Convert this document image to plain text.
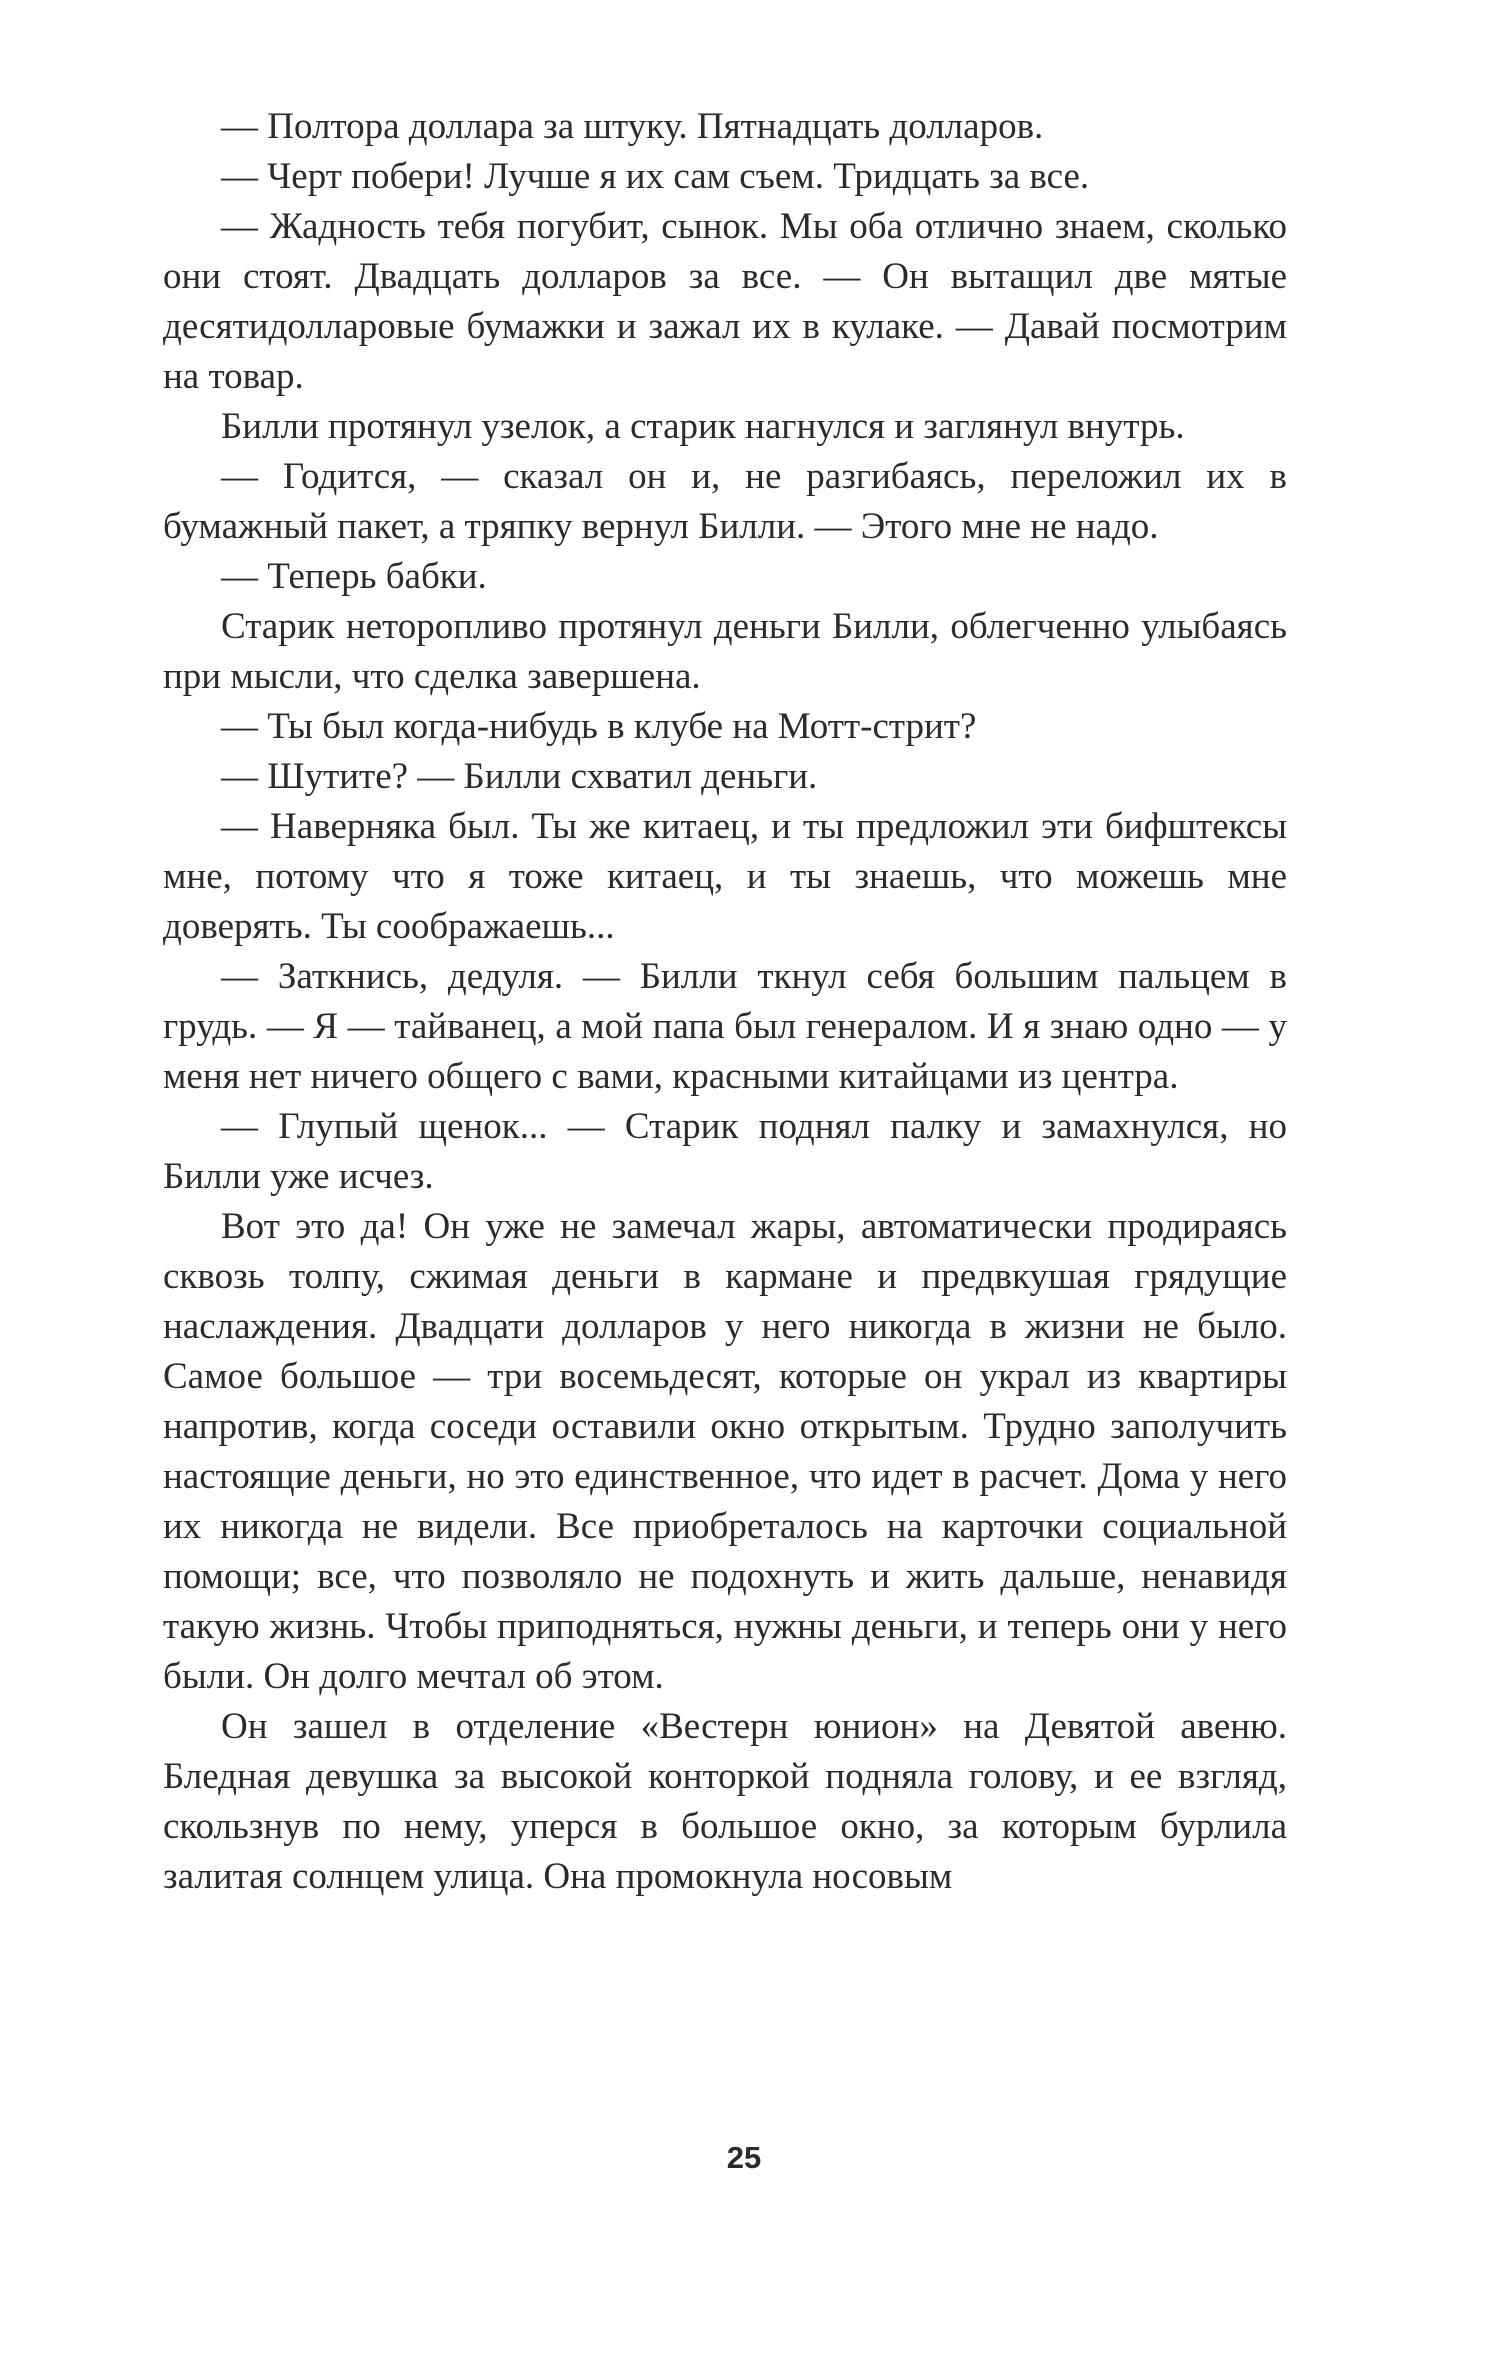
— Полтора доллара за штуку. Пятнадцать долларов.

— Черт побери! Лучше я их сам съем. Тридцать за все.

— Жадность тебя погубит, сынок. Мы оба отлично знаем, сколько они стоят. Двадцать долларов за все. — Он вытащил две мятые десятидолларовые бумажки и зажал их в кулаке. — Давай посмотрим на товар.

Билли протянул узелок, а старик нагнулся и заглянул внутрь.

— Годится, — сказал он и, не разгибаясь, переложил их в бумажный пакет, а тряпку вернул Билли. — Этого мне не надо.

— Теперь бабки.

Старик неторопливо протянул деньги Билли, облегченно улыбаясь при мысли, что сделка завершена.

— Ты был когда-нибудь в клубе на Мотт-стрит?

— Шутите? — Билли схватил деньги.

— Наверняка был. Ты же китаец, и ты предложил эти бифштексы мне, потому что я тоже китаец, и ты знаешь, что можешь мне доверять. Ты соображаешь...

— Заткнись, дедуля. — Билли ткнул себя большим пальцем в грудь. — Я — тайванец, а мой папа был генералом. И я знаю одно — у меня нет ничего общего с вами, красными китайцами из центра.

— Глупый щенок... — Старик поднял палку и замахнулся, но Билли уже исчез.

Вот это да! Он уже не замечал жары, автоматически продираясь сквозь толпу, сжимая деньги в кармане и предвкушая грядущие наслаждения. Двадцати долларов у него никогда в жизни не было. Самое большое — три восемьдесят, которые он украл из квартиры напротив, когда соседи оставили окно открытым. Трудно заполучить настоящие деньги, но это единственное, что идет в расчет. Дома у него их никогда не видели. Все приобреталось на карточки социальной помощи; все, что позволяло не подохнуть и жить дальше, ненавидя такую жизнь. Чтобы приподняться, нужны деньги, и теперь они у него были. Он долго мечтал об этом.

Он зашел в отделение «Вестерн юнион» на Девятой авеню. Бледная девушка за высокой конторкой подняла голову, и ее взгляд, скользнув по нему, уперся в большое окно, за которым бурлила залитая солнцем улица. Она промокнула носовым

25
